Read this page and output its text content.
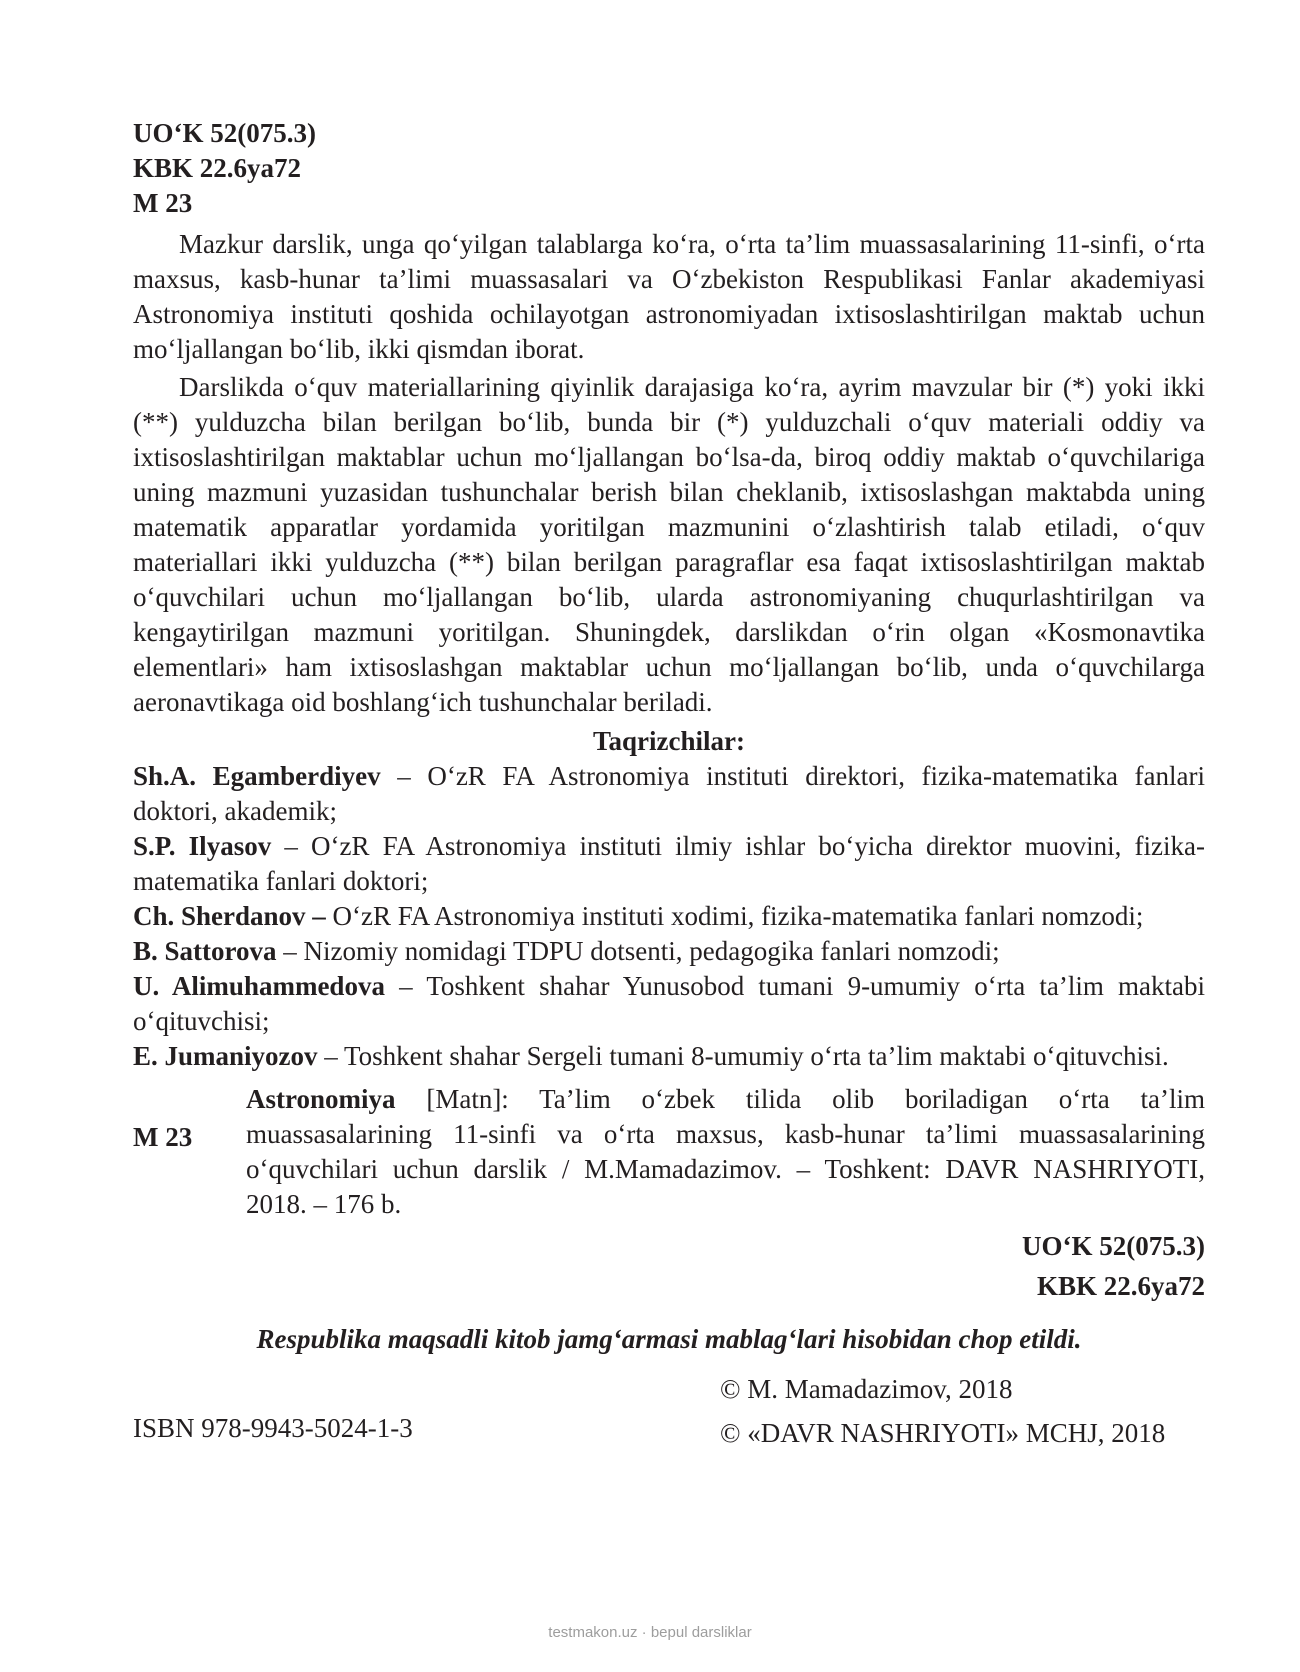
UO‘K 52(075.3)
KBK 22.6ya72
M 23

Mazkur darslik, unga qo‘yilgan talablarga ko‘ra, o‘rta ta’lim muassasalarining 11-sinfi, o‘rta maxsus, kasb-hunar ta’limi muassasalari va O‘zbekiston Respublikasi Fanlar akademiyasi Astronomiya instituti qoshida ochilayotgan astronomiyadan ixtisoslashtirilgan maktab uchun mo‘ljallangan bo‘lib, ikki qismdan iborat.

Darslikda o‘quv materiallarining qiyinlik darajasiga ko‘ra, ayrim mavzular bir (*) yoki ikki (**) yulduzcha bilan berilgan bo‘lib, bunda bir (*) yulduzchali o‘quv materiali oddiy va ixtisoslashtirilgan maktablar uchun mo‘ljallangan bo‘lsa-da, biroq oddiy maktab o‘quvchilariga uning mazmuni yuzasidan tushunchalar berish bilan cheklanib, ixtisoslashgan maktabda uning matematik apparatlar yordamida yoritilgan mazmunini o‘zlashtirish talab etiladi, o‘quv materiallari ikki yulduzcha (**) bilan berilgan paragraflar esa faqat ixtisoslashtirilgan maktab o‘quvchilari uchun mo‘ljallangan bo‘lib, ularda astronomiyaning chuqurlashtirilgan va kengaytirilgan mazmuni yoritilgan. Shuningdek, darslikdan o‘rin olgan «Kosmonavtika elementlari» ham ixtisoslashgan maktablar uchun mo‘ljallangan bo‘lib, unda o‘quvchilarga aeronavtikaga oid boshlang‘ich tushunchalar beriladi.

Taqrizchilar:

Sh.A. Egamberdiyev – O‘zR FA Astronomiya instituti direktori, fizika-matematika fanlari doktori, akademik;

S.P. Ilyasov – O‘zR FA Astronomiya instituti ilmiy ishlar bo‘yicha direktor muovini, fizika-matematika fanlari doktori;

Ch. Sherdanov – O‘zR FA Astronomiya instituti xodimi, fizika-matematika fanlari nomzodi;

B. Sattorova – Nizomiy nomidagi TDPU dotsenti, pedagogika fanlari nomzodi;

U. Alimuhammedova – Toshkent shahar Yunusobod tumani 9-umumiy o‘rta ta’lim maktabi o‘qituvchisi;

E. Jumaniyozov – Toshkent shahar Sergeli tumani 8-umumiy o‘rta ta’lim maktabi o‘qituvchisi.

M 23
Astronomiya [Matn]: Ta’lim o‘zbek tilida olib boriladigan o‘rta ta’lim muassasalarining 11-sinfi va o‘rta maxsus, kasb-hunar ta’limi muassasalarining o‘quvchilari uchun darslik / M.Mamadazimov. – Toshkent: DAVR NASHRIYOTI, 2018. – 176 b.
UO‘K 52(075.3)
KBK 22.6ya72
Respublika maqsadli kitob jamg‘armasi mablag‘lari hisobidan chop etildi.
ISBN 978-9943-5024-1-3
© M. Mamadazimov, 2018
© «DAVR NASHRIYOTI» MCHJ, 2018
testmakon.uz · bepul darsliklar
